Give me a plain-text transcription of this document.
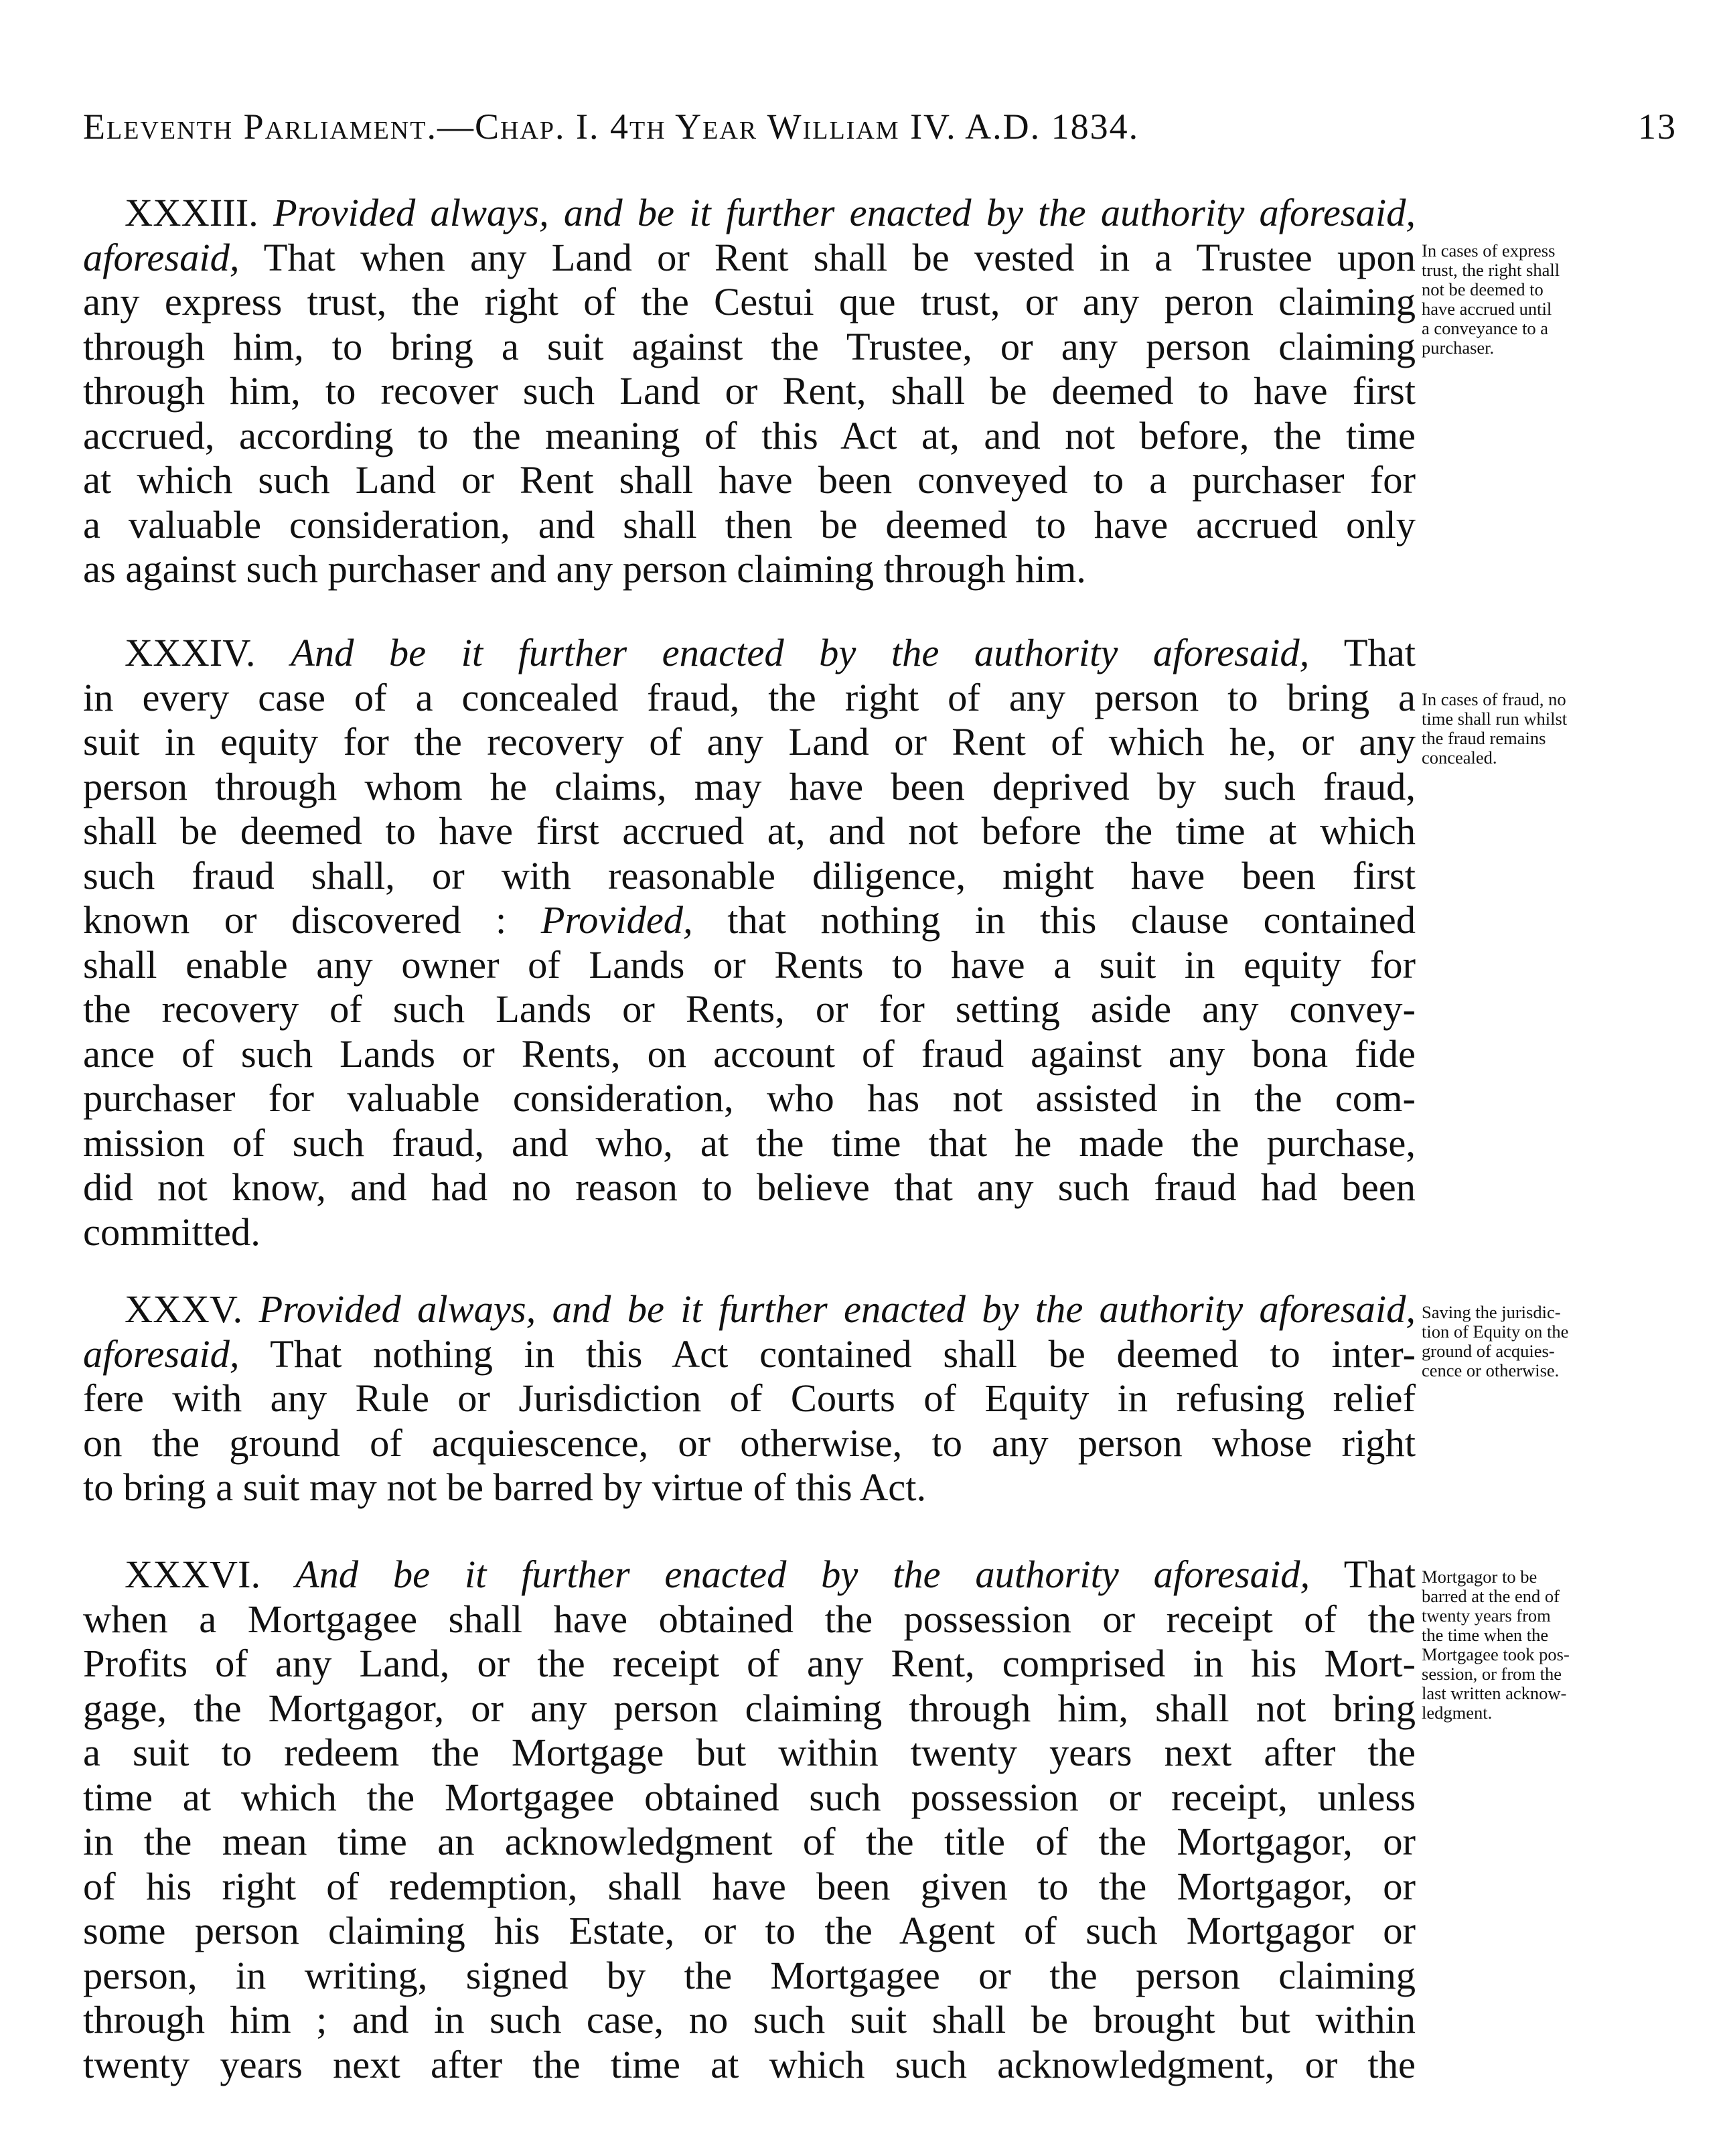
Eleventh Parliament.—Chap. I. 4th Year William IV. A.D. 1834.	13
XXXIII. Provided always, and be it further enacted by the authority aforesaid,
aforesaid, That when any Land or Rent shall be vested in a Trustee upon
any express trust, the right of the Cestui que trust, or any peron claiming
through him, to bring a suit against the Trustee, or any person claiming
through him, to recover such Land or Rent, shall be deemed to have first
accrued, according to the meaning of this Act at, and not before, the time
at which such Land or Rent shall have been conveyed to a purchaser for
a valuable consideration, and shall then be deemed to have accrued only
as against such purchaser and any person claiming through him.
In cases of express
trust, the right shall
not be deemed to
have accrued until
a conveyance to a
purchaser.
XXXIV. And be it further enacted by the authority aforesaid, That
in every case of a concealed fraud, the right of any person to bring a
suit in equity for the recovery of any Land or Rent of which he, or any
person through whom he claims, may have been deprived by such fraud,
shall be deemed to have first accrued at, and not before the time at which
such fraud shall, or with reasonable diligence, might have been first
known or discovered : Provided, that nothing in this clause contained
shall enable any owner of Lands or Rents to have a suit in equity for
the recovery of such Lands or Rents, or for setting aside any convey-
ance of such Lands or Rents, on account of fraud against any bona fide
purchaser for valuable consideration, who has not assisted in the com-
mission of such fraud, and who, at the time that he made the purchase,
did not know, and had no reason to believe that any such fraud had been
committed.
In cases of fraud, no
time shall run whilst
the fraud remains
concealed.
XXXV. Provided always, and be it further enacted by the authority aforesaid,
aforesaid, That nothing in this Act contained shall be deemed to inter-
fere with any Rule or Jurisdiction of Courts of Equity in refusing relief
on the ground of acquiescence, or otherwise, to any person whose right
to bring a suit may not be barred by virtue of this Act.
Saving the jurisdic-
tion of Equity on the
ground of acquies-
cence or otherwise.
XXXVI. And be it further enacted by the authority aforesaid, That
when a Mortgagee shall have obtained the possession or receipt of the
Profits of any Land, or the receipt of any Rent, comprised in his Mort-
gage, the Mortgagor, or any person claiming through him, shall not bring
a suit to redeem the Mortgage but within twenty years next after the
time at which the Mortgagee obtained such possession or receipt, unless
in the mean time an acknowledgment of the title of the Mortgagor, or
of his right of redemption, shall have been given to the Mortgagor, or
some person claiming his Estate, or to the Agent of such Mortgagor or
person, in writing, signed by the Mortgagee or the person claiming
through him ; and in such case, no such suit shall be brought but within
twenty years next after the time at which such acknowledgment, or the
Mortgagor to be
barred at the end of
twenty years from
the time when the
Mortgagee took pos-
session, or from the
last written acknow-
ledgment.
